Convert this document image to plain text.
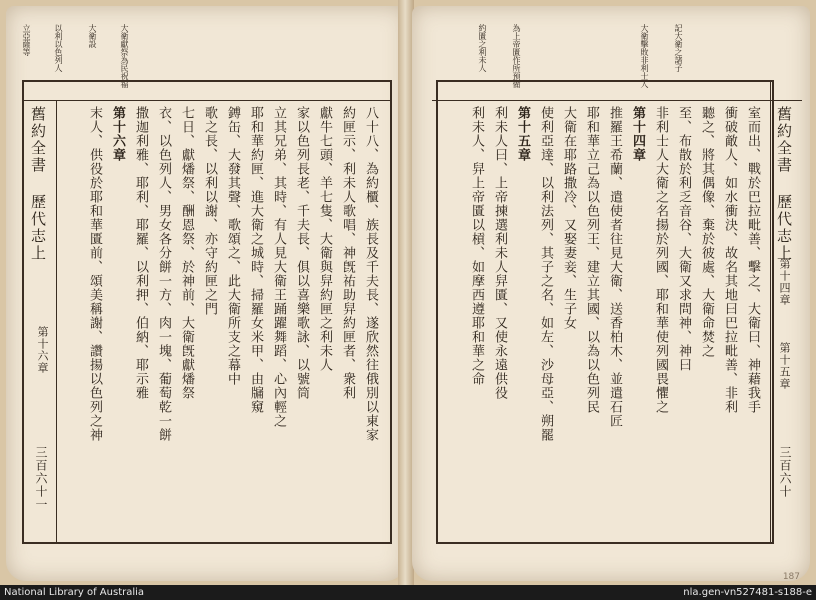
立亞薩等	以利以色列人	大衛設	大衛獻祭為民祝福
舊約全書 歷代志上
第十六章
三百六十一
八十八、為約櫃、族長及千夫長、遂欣然往俄別以東家
約匣示、利未人歌唱、神旣祐助舁約匣者、衆利
獻牛七頭、羊七隻、大衛與舁約匣之利未人
家以色列長老、千夫長、俱以喜樂歌詠、以號筒
立其兄弟、其時、有人見大衛王踊躍舞蹈、心內輕之
耶和華約匣、進大衛之城時、掃羅女米甲、由牖窺
鎛缶、大發其聲、歌頌之、此大衛所支之幕中
歌之長、以利以謝、亦守約匣之門
七日、獻燔祭、酬恩祭、於神前、大衛旣獻燔祭
衣、以色列人、男女各分餅一方、肉一塊、葡萄乾一餅
撒迦利雅、耶利、耶羅、以利押、伯納、耶示雅
第十六章
末人、供役於耶和華匱前、頌美稱謝、讚揚以色列之神
約匱之利未人	為上帝匱作所預備	大衛擊敗非利士人	記大衛之諸子
舊約全書 歷代志上
第十四章
第十五章
三百六十
室而出、戰於巴拉毗善、擊之、大衛曰、神藉我手
衝破敵人、如水衝決、故名其地曰巴拉毗善、非利
聽之、將其偶像、棄於彼處、大衛命焚之
至、布散於利乏音谷、大衛又求問神、神曰
非利士人大衛之名揚於列國、耶和華使列國畏懼之
第十四章
推羅王希蘭、遣使者往見大衛、送香柏木、並遣石匠
耶和華立己為以色列王、建立其國、以為以色列民
大衛在耶路撒冷、又娶妻妾、生子女
使利亞達、以利法列、其子之名、如左、沙母亞、朔罷
第十五章
利未人曰、上帝揀選利未人舁匱、又使永遠供役
利未人、舁上帝匱以槓、如摩西遵耶和華之命
187
National Library of Australia	nla.gen-vn527481-s188-e
